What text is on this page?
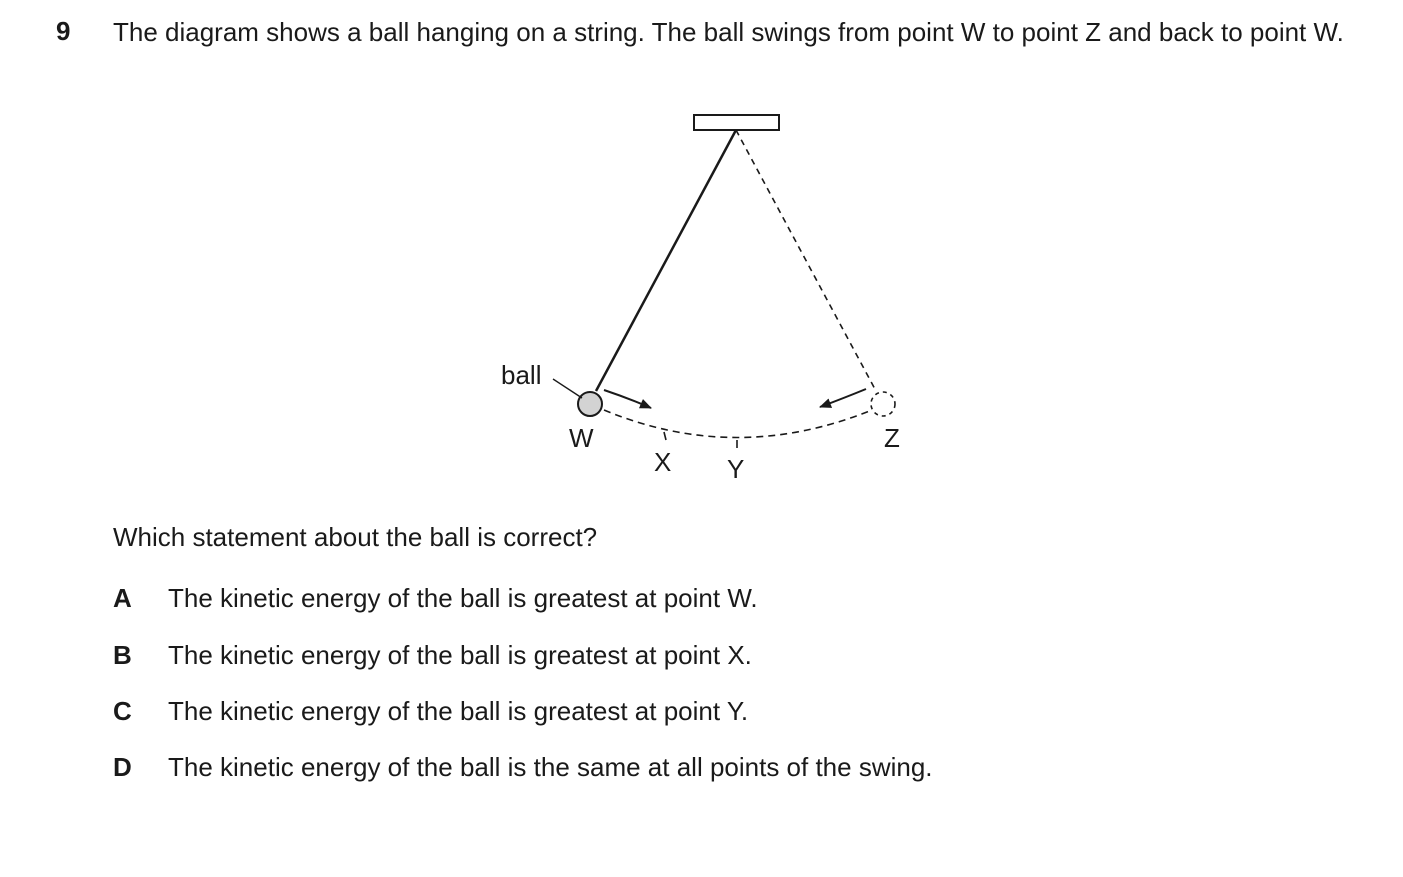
9 The diagram shows a ball hanging on a string. The ball swings from point W to point Z and back to point W.
ball
W
X Y
Z
Which statement about the ball is correct?
A The kinetic energy of the ball is greatest at point W.
B The kinetic energy of the ball is greatest at point X.
C The kinetic energy of the ball is greatest at point Y.
D The kinetic energy of the ball is the same at all points of the swing.
